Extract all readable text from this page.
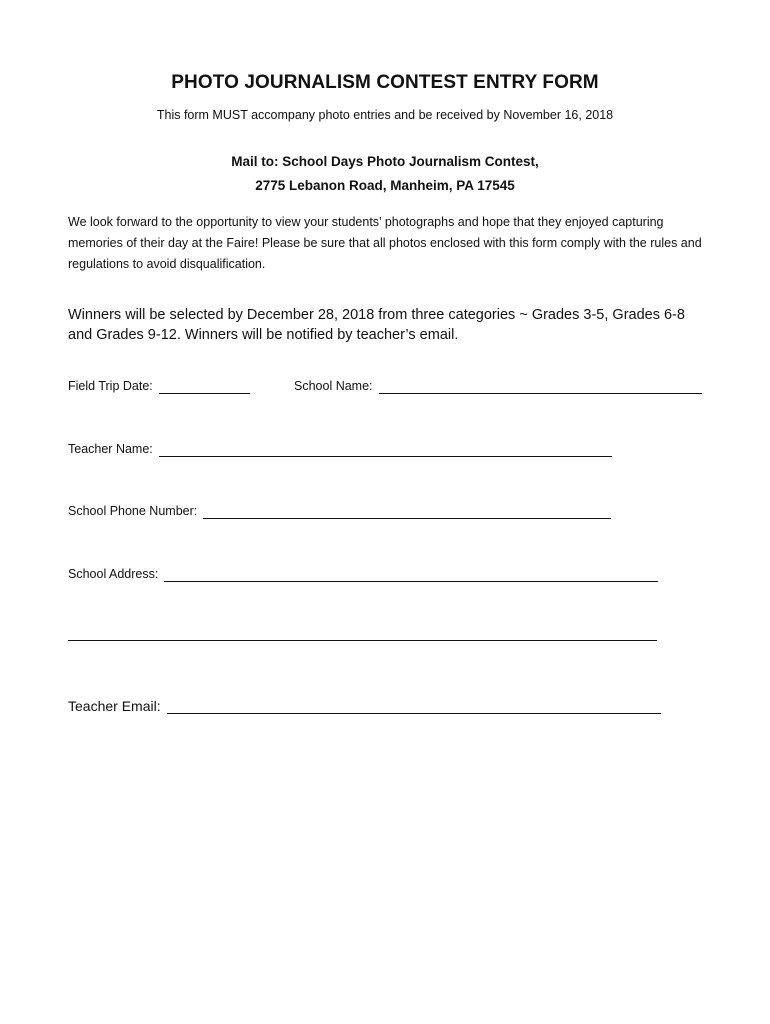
PHOTO JOURNALISM CONTEST ENTRY FORM
This form MUST accompany photo entries and be received by November 16, 2018
Mail to: School Days Photo Journalism Contest,
2775 Lebanon Road, Manheim, PA 17545
We look forward to the opportunity to view your students’ photographs and hope that they enjoyed capturing memories of their day at the Faire! Please be sure that all photos enclosed with this form comply with the rules and regulations to avoid disqualification.
Winners will be selected by December 28, 2018 from three categories ~ Grades 3-5, Grades 6-8 and Grades 9-12. Winners will be notified by teacher’s email.
Field Trip Date:	School Name:
Teacher Name:
School Phone Number:
School Address:
Teacher Email:
